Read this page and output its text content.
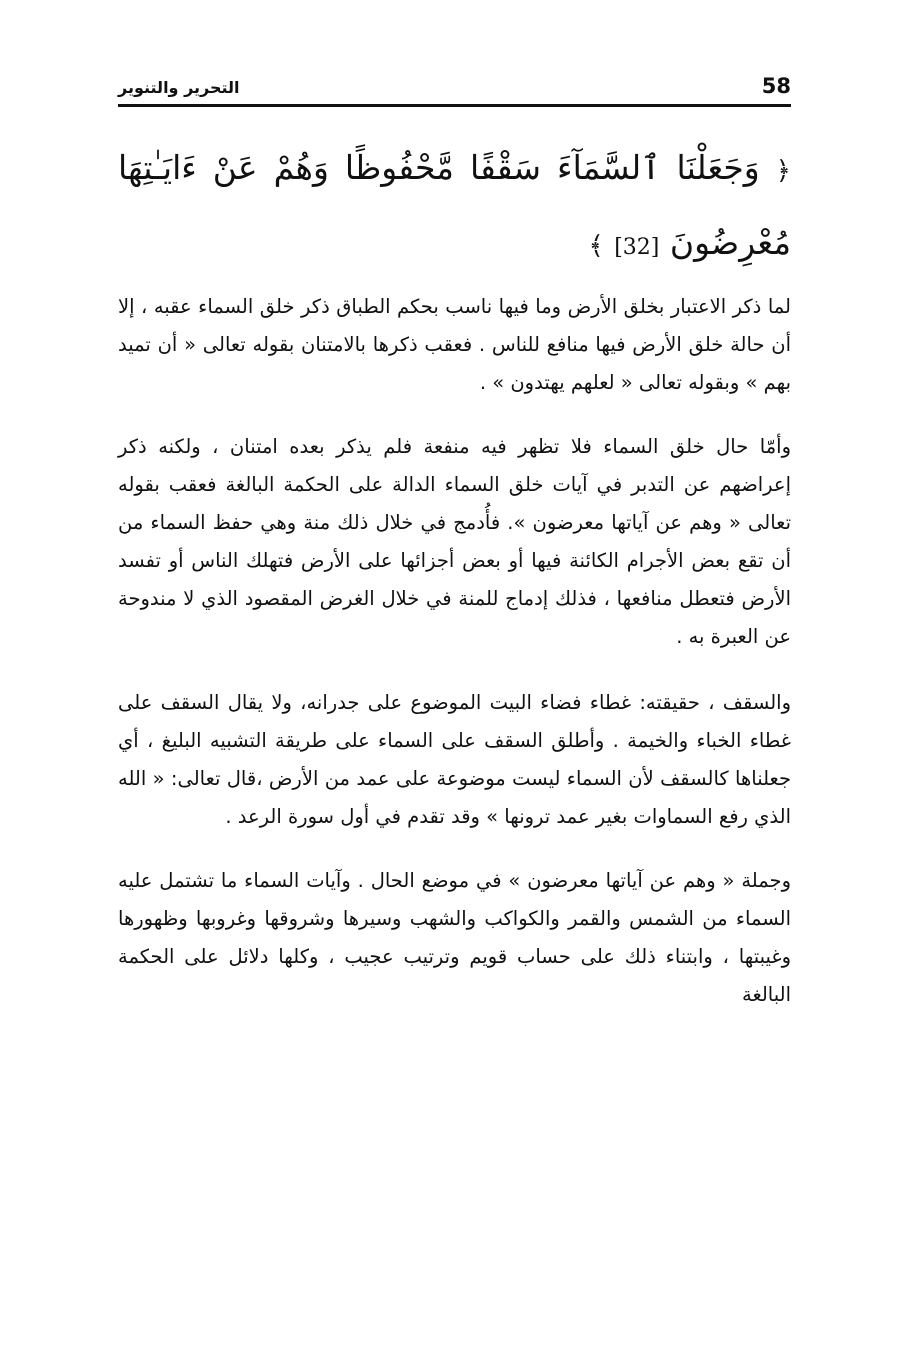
58
التحرير والتنوير
﴿ وَجَعَلْنَا ٱلسَّمَآءَ سَقْفًا مَّحْفُوظًا وَهُمْ عَنْ ءَايَـٰتِهَا مُعْرِضُونَ [32] ﴾

لما ذكر الاعتبار بخلق الأرض وما فيها ناسب بحكم الطباق ذكر خلق السماء عقبه ، إلا أن حالة خلق الأرض فيها منافع للناس . فعقب ذكرها بالامتنان بقوله تعالى « أن تميد بهم » وبقوله تعالى « لعلهم يهتدون » .

وأمّا حال خلق السماء فلا تظهر فيه منفعة فلم يذكر بعده امتنان ، ولكنه ذكر إعراضهم عن التدبر في آيات خلق السماء الدالة على الحكمة البالغة فعقب بقوله تعالى « وهم عن آياتها معرضون ». فأُدمج في خلال ذلك منة وهي حفظ السماء من أن تقع بعض الأجرام الكائنة فيها أو بعض أجزائها على الأرض فتهلك الناس أو تفسد الأرض فتعطل منافعها ، فذلك إدماج للمنة في خلال الغرض المقصود الذي لا مندوحة عن العبرة به .

والسقف ، حقيقته: غطاء فضاء البيت الموضوع على جدرانه، ولا يقال السقف على غطاء الخباء والخيمة . وأطلق السقف على السماء على طريقة التشبيه البليغ ، أي جعلناها كالسقف لأن السماء ليست موضوعة على عمد من الأرض ،قال تعالى: « الله الذي رفع السماوات بغير عمد ترونها » وقد تقدم في أول سورة الرعد .

وجملة « وهم عن آياتها معرضون » في موضع الحال . وآيات السماء ما تشتمل عليه السماء من الشمس والقمر والكواكب والشهب وسيرها وشروقها وغروبها وظهورها وغيبتها ، وابتناء ذلك على حساب قويم وترتيب عجيب ، وكلها دلائل على الحكمة البالغة
